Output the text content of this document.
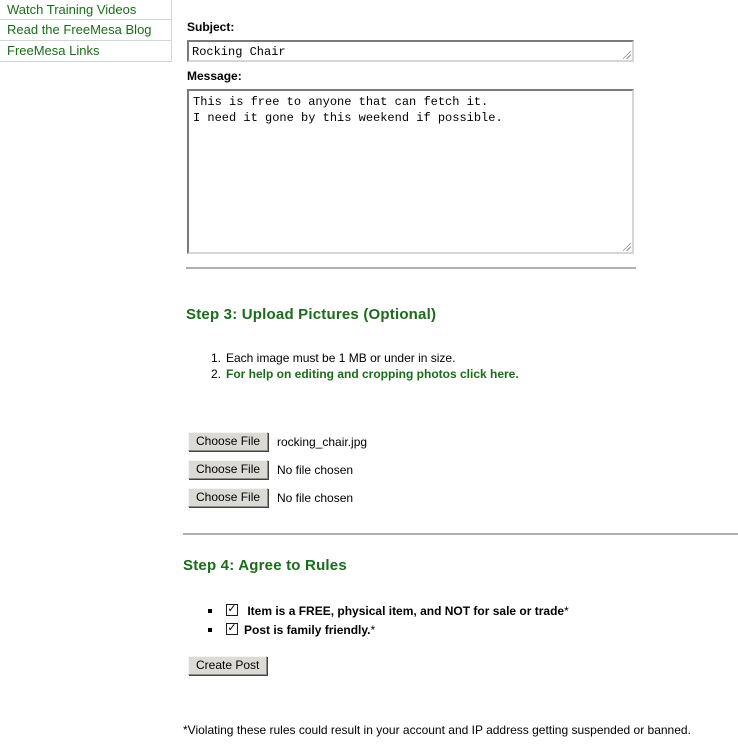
Watch Training Videos
Read the FreeMesa Blog
FreeMesa Links
Subject:
Rocking Chair
Message:
This is free to anyone that can fetch it.
I need it gone by this weekend if possible.
Step 3: Upload Pictures (Optional)
1. Each image must be 1 MB or under in size.
2. For help on editing and cropping photos click here.
Choose File	rocking_chair.jpg
Choose File	No file chosen
Choose File	No file chosen
Step 4: Agree to Rules
✓ Item is a FREE, physical item, and NOT for sale or trade*
✓ Post is family friendly.*
Create Post
*Violating these rules could result in your account and IP address getting suspended or banned.
